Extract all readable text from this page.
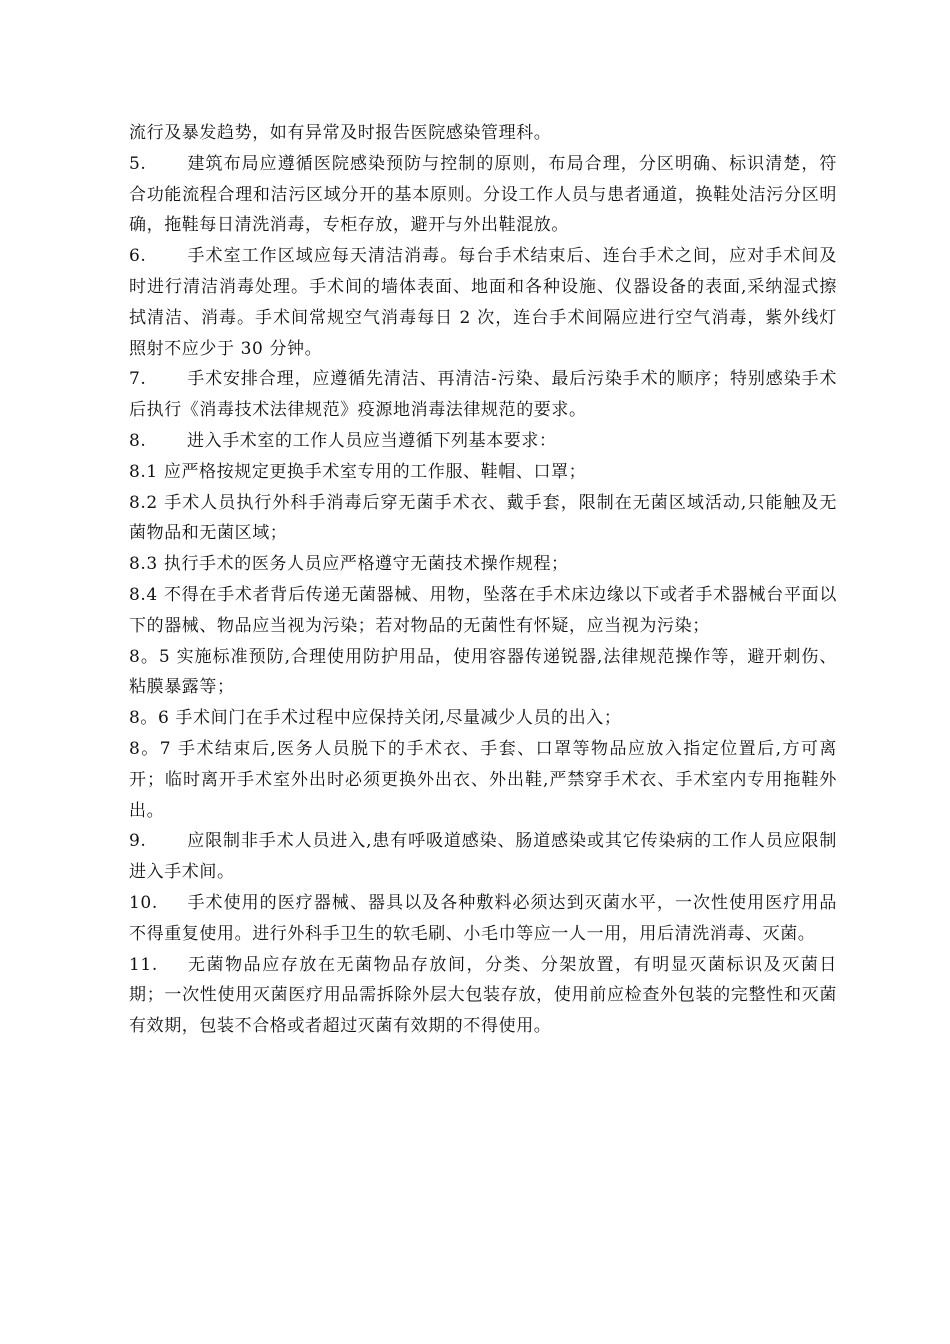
流行及暴发趋势，如有异常及时报告医院感染管理科。

5. 建筑布局应遵循医院感染预防与控制的原则，布局合理，分区明确、标识清楚，符合功能流程合理和洁污区域分开的基本原则。分设工作人员与患者通道，换鞋处洁污分区明确，拖鞋每日清洗消毒，专柜存放，避开与外出鞋混放。

6. 手术室工作区域应每天清洁消毒。每台手术结束后、连台手术之间，应对手术间及时进行清洁消毒处理。手术间的墙体表面、地面和各种设施、仪器设备的表面,采纳湿式擦拭清洁、消毒。手术间常规空气消毒每日 2 次，连台手术间隔应进行空气消毒，紫外线灯照射不应少于 30 分钟。

7. 手术安排合理，应遵循先清洁、再清洁-污染、最后污染手术的顺序；特别感染手术后执行《消毒技术法律规范》疫源地消毒法律规范的要求。

8. 进入手术室的工作人员应当遵循下列基本要求：

8.1 应严格按规定更换手术室专用的工作服、鞋帽、口罩；

8.2 手术人员执行外科手消毒后穿无菌手术衣、戴手套，限制在无菌区域活动,只能触及无菌物品和无菌区域；

8.3 执行手术的医务人员应严格遵守无菌技术操作规程；

8.4 不得在手术者背后传递无菌器械、用物，坠落在手术床边缘以下或者手术器械台平面以下的器械、物品应当视为污染；若对物品的无菌性有怀疑，应当视为污染；

8。5 实施标准预防,合理使用防护用品，使用容器传递锐器,法律规范操作等，避开刺伤、粘膜暴露等；

8。6 手术间门在手术过程中应保持关闭,尽量减少人员的出入；

8。7 手术结束后,医务人员脱下的手术衣、手套、口罩等物品应放入指定位置后,方可离开；临时离开手术室外出时必须更换外出衣、外出鞋,严禁穿手术衣、手术室内专用拖鞋外出。

9. 应限制非手术人员进入,患有呼吸道感染、肠道感染或其它传染病的工作人员应限制进入手术间。

10. 手术使用的医疗器械、器具以及各种敷料必须达到灭菌水平，一次性使用医疗用品不得重复使用。进行外科手卫生的软毛刷、小毛巾等应一人一用，用后清洗消毒、灭菌。

11. 无菌物品应存放在无菌物品存放间，分类、分架放置，有明显灭菌标识及灭菌日期；一次性使用灭菌医疗用品需拆除外层大包装存放，使用前应检查外包装的完整性和灭菌有效期，包装不合格或者超过灭菌有效期的不得使用。
